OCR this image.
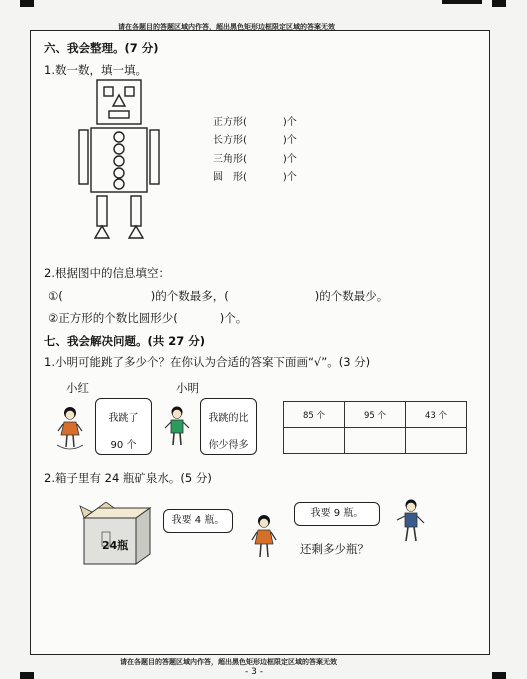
请在各题目的答题区域内作答，超出黑色矩形边框限定区域的答案无效
请在各题目的答题区域内作答，超出黑色矩形边框限定区域的答案无效
- 3 -
六、我会整理。(7 分)
1.数一数，填一填。
正方形(	)个
长方形(	)个
三角形(	)个
圆　形(	)个
2.根据图中的信息填空：
①(	)的个数最多，(	)的个数最少。
②正方形的个数比圆形少(	)个。
七、我会解决问题。(共 27 分)
1.小明可能跳了多少个？在你认为合适的答案下面画“√”。(3 分)
小红	小明
我跳了
90 个
我跳的比
你少得多
85 个	95 个	43 个

2.箱子里有 24 瓶矿泉水。(5 分)
24瓶
我要 4 瓶。
我要 9 瓶。
还剩多少瓶？
